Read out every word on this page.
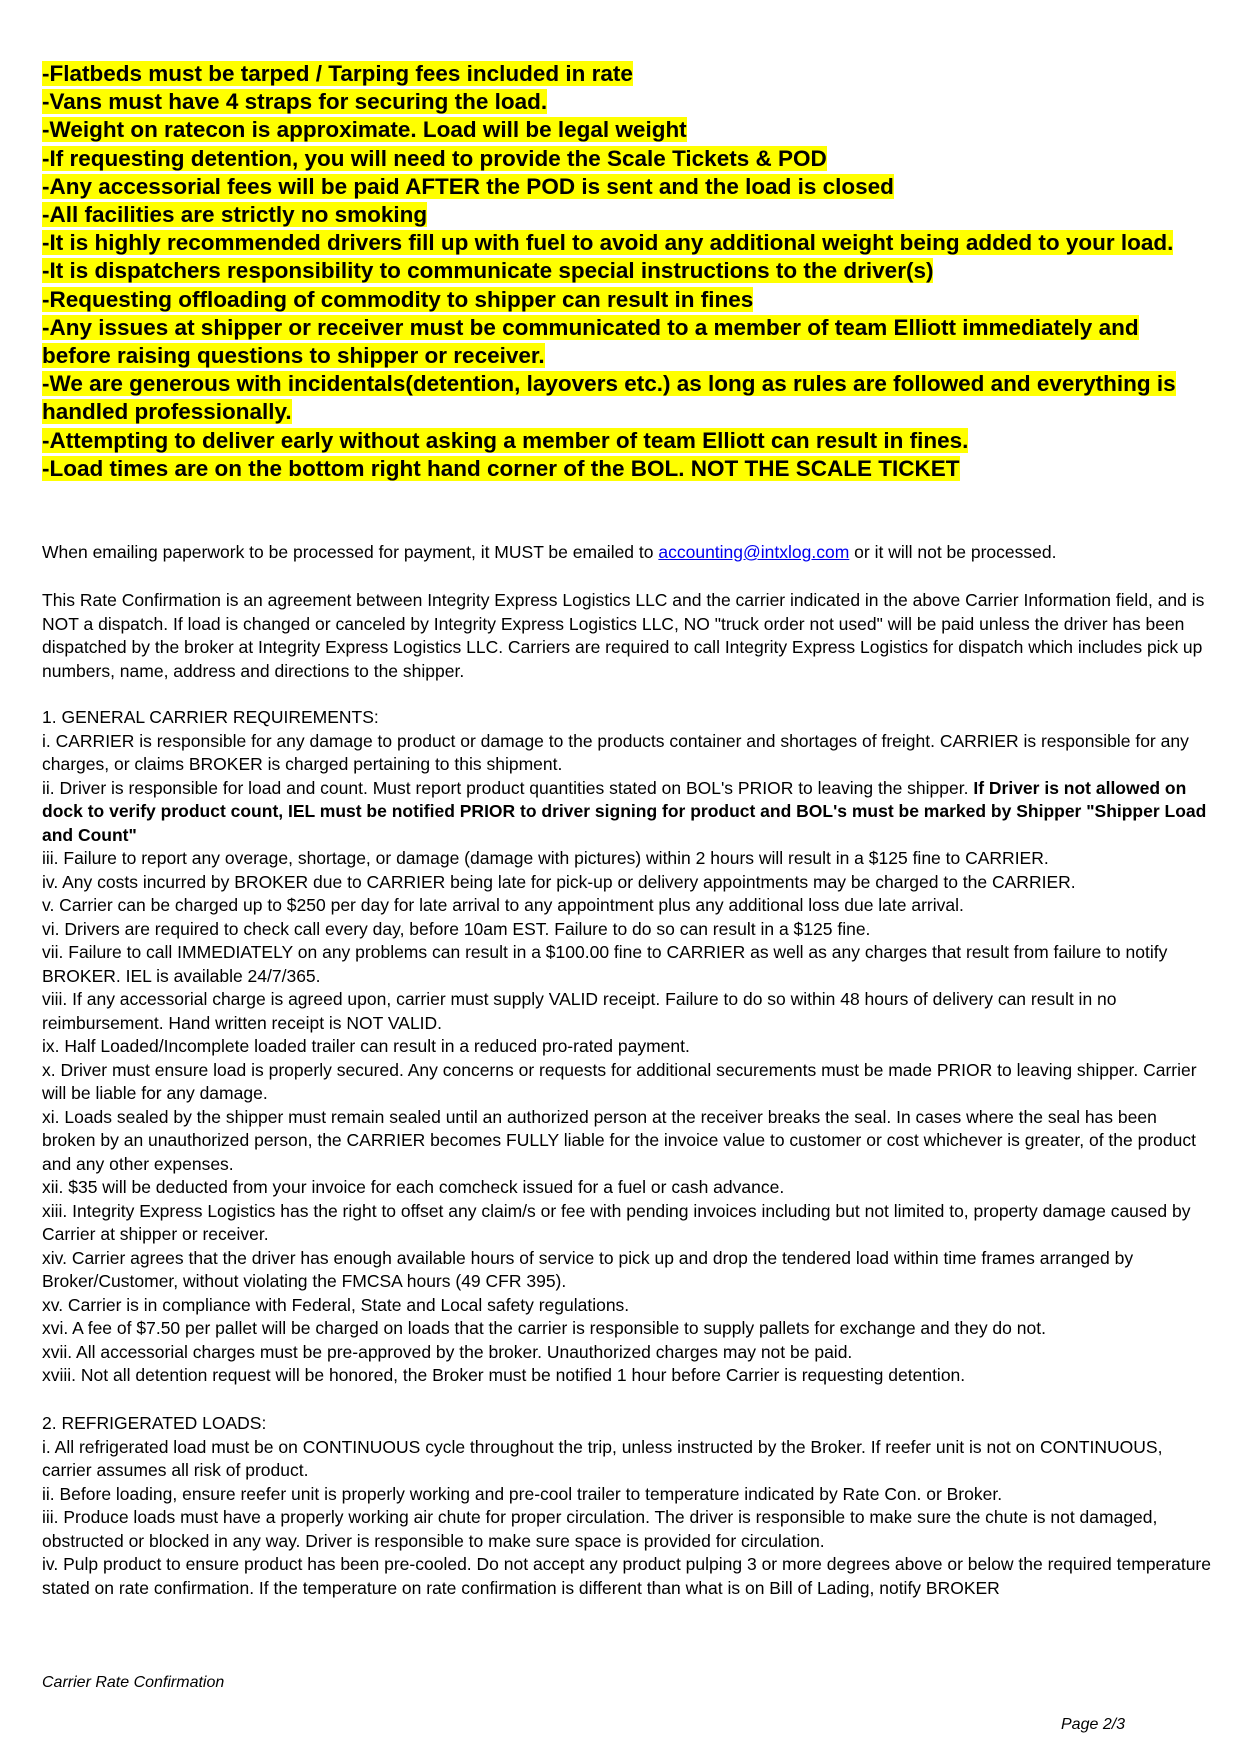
-Flatbeds must be tarped / Tarping fees included in rate
-Vans must have 4 straps for securing the load.
-Weight on ratecon is approximate. Load will be legal weight
-If requesting detention, you will need to provide the Scale Tickets & POD
-Any accessorial fees will be paid AFTER the POD is sent and the load is closed
-All facilities are strictly no smoking
-It is highly recommended drivers fill up with fuel to avoid any additional weight being added to your load.
-It is dispatchers responsibility to communicate special instructions to the driver(s)
-Requesting offloading of commodity to shipper can result in fines
-Any issues at shipper or receiver must be communicated to a member of team Elliott immediately and
before raising questions to shipper or receiver.
-We are generous with incidentals(detention, layovers etc.) as long as rules are followed and everything is
handled professionally.
-Attempting to deliver early without asking a member of team Elliott can result in fines.
-Load times are on the bottom right hand corner of the BOL. NOT THE SCALE TICKET

When emailing paperwork to be processed for payment, it MUST be emailed to accounting@intxlog.com or it will not be processed.

This Rate Confirmation is an agreement between Integrity Express Logistics LLC and the carrier indicated in the above Carrier Information field, and is NOT a dispatch. If load is changed or canceled by Integrity Express Logistics LLC, NO "truck order not used" will be paid unless the driver has been dispatched by the broker at Integrity Express Logistics LLC. Carriers are required to call Integrity Express Logistics for dispatch which includes pick up numbers, name, address and directions to the shipper.

1. GENERAL CARRIER REQUIREMENTS:

i. CARRIER is responsible for any damage to product or damage to the products container and shortages of freight. CARRIER is responsible for any charges, or claims BROKER is charged pertaining to this shipment.

ii. Driver is responsible for load and count. Must report product quantities stated on BOL's PRIOR to leaving the shipper. If Driver is not allowed on dock to verify product count, IEL must be notified PRIOR to driver signing for product and BOL's must be marked by Shipper "Shipper Load and Count"

iii. Failure to report any overage, shortage, or damage (damage with pictures) within 2 hours will result in a $125 fine to CARRIER.

iv. Any costs incurred by BROKER due to CARRIER being late for pick-up or delivery appointments may be charged to the CARRIER.

v. Carrier can be charged up to $250 per day for late arrival to any appointment plus any additional loss due late arrival.

vi. Drivers are required to check call every day, before 10am EST. Failure to do so can result in a $125 fine.

vii. Failure to call IMMEDIATELY on any problems can result in a $100.00 fine to CARRIER as well as any charges that result from failure to notify BROKER. IEL is available 24/7/365.

viii. If any accessorial charge is agreed upon, carrier must supply VALID receipt. Failure to do so within 48 hours of delivery can result in no reimbursement. Hand written receipt is NOT VALID.

ix. Half Loaded/Incomplete loaded trailer can result in a reduced pro-rated payment.

x. Driver must ensure load is properly secured. Any concerns or requests for additional securements must be made PRIOR to leaving shipper. Carrier will be liable for any damage.

xi. Loads sealed by the shipper must remain sealed until an authorized person at the receiver breaks the seal. In cases where the seal has been broken by an unauthorized person, the CARRIER becomes FULLY liable for the invoice value to customer or cost whichever is greater, of the product and any other expenses.

xii. $35 will be deducted from your invoice for each comcheck issued for a fuel or cash advance.

xiii. Integrity Express Logistics has the right to offset any claim/s or fee with pending invoices including but not limited to, property damage caused by Carrier at shipper or receiver.

xiv. Carrier agrees that the driver has enough available hours of service to pick up and drop the tendered load within time frames arranged by Broker/Customer, without violating the FMCSA hours (49 CFR 395).

xv. Carrier is in compliance with Federal, State and Local safety regulations.

xvi. A fee of $7.50 per pallet will be charged on loads that the carrier is responsible to supply pallets for exchange and they do not.

xvii. All accessorial charges must be pre-approved by the broker. Unauthorized charges may not be paid.

xviii. Not all detention request will be honored, the Broker must be notified 1 hour before Carrier is requesting detention.

2. REFRIGERATED LOADS:

i. All refrigerated load must be on CONTINUOUS cycle throughout the trip, unless instructed by the Broker. If reefer unit is not on CONTINUOUS, carrier assumes all risk of product.

ii. Before loading, ensure reefer unit is properly working and pre-cool trailer to temperature indicated by Rate Con. or Broker.

iii. Produce loads must have a properly working air chute for proper circulation. The driver is responsible to make sure the chute is not damaged, obstructed or blocked in any way. Driver is responsible to make sure space is provided for circulation.

iv. Pulp product to ensure product has been pre-cooled. Do not accept any product pulping 3 or more degrees above or below the required temperature stated on rate confirmation. If the temperature on rate confirmation is different than what is on Bill of Lading, notify BROKER

Carrier Rate Confirmation
Page 2/3
